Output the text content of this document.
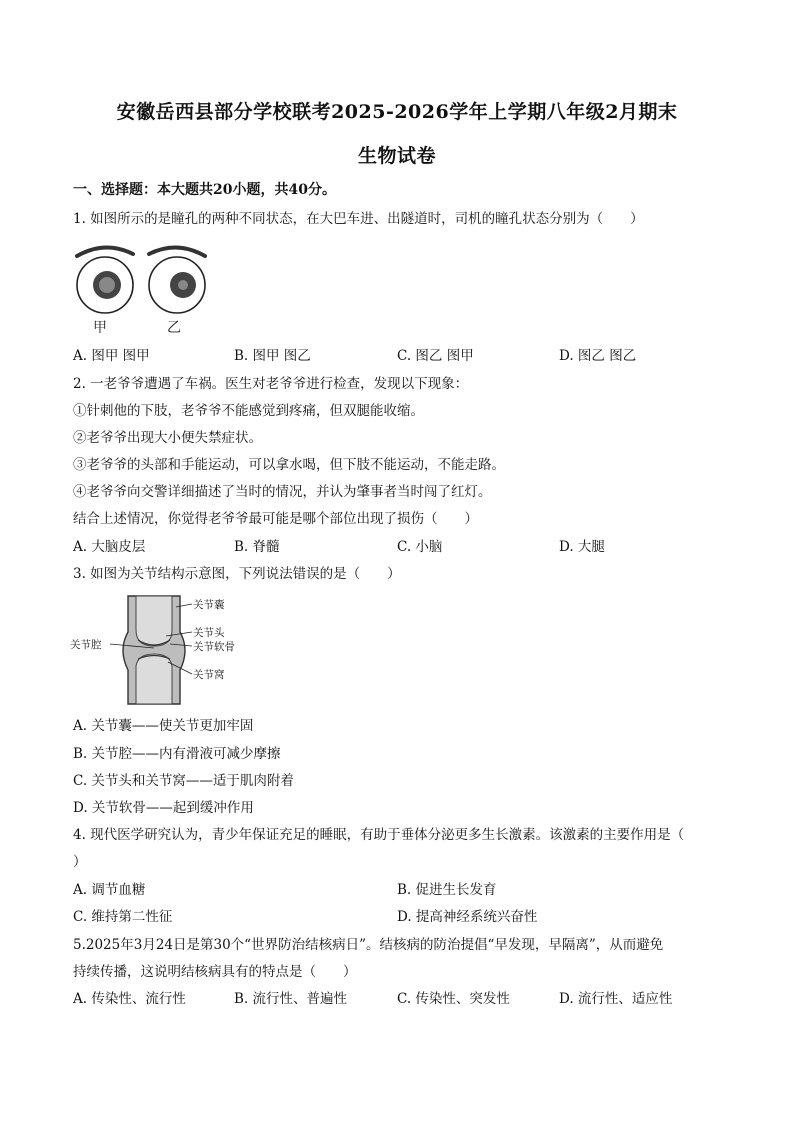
安徽岳西县部分学校联考2025-2026学年上学期八年级2月期末
生物试卷
一、选择题：本大题共20小题，共40分。
1. 如图所示的是瞳孔的两种不同状态，在大巴车进、出隧道时，司机的瞳孔状态分别为（　　）
甲	乙
A. 图甲 图甲	B. 图甲 图乙	C. 图乙 图甲	D. 图乙 图乙
2. 一老爷爷遭遇了车祸。医生对老爷爷进行检查，发现以下现象：
①针刺他的下肢，老爷爷不能感觉到疼痛，但双腿能收缩。
②老爷爷出现大小便失禁症状。
③老爷爷的头部和手能运动，可以拿水喝，但下肢不能运动，不能走路。
④老爷爷向交警详细描述了当时的情况，并认为肇事者当时闯了红灯。
结合上述情况，你觉得老爷爷最可能是哪个部位出现了损伤（　　）
A. 大脑皮层	B. 脊髓	C. 小脑	D. 大腿
3. 如图为关节结构示意图，下列说法错误的是（　　）
关节囊
关节头
关节软骨
关节窝
关节腔
A. 关节囊——使关节更加牢固
B. 关节腔——内有滑液可减少摩擦
C. 关节头和关节窝——适于肌肉附着
D. 关节软骨——起到缓冲作用
4. 现代医学研究认为，青少年保证充足的睡眠，有助于垂体分泌更多生长激素。该激素的主要作用是（
）
A. 调节血糖	B. 促进生长发育
C. 维持第二性征	D. 提高神经系统兴奋性
5.2025年3月24日是第30个“世界防治结核病日”。结核病的防治提倡“早发现，早隔离”，从而避免
持续传播，这说明结核病具有的特点是（　　）
A. 传染性、流行性	B. 流行性、普遍性	C. 传染性、突发性	D. 流行性、适应性
